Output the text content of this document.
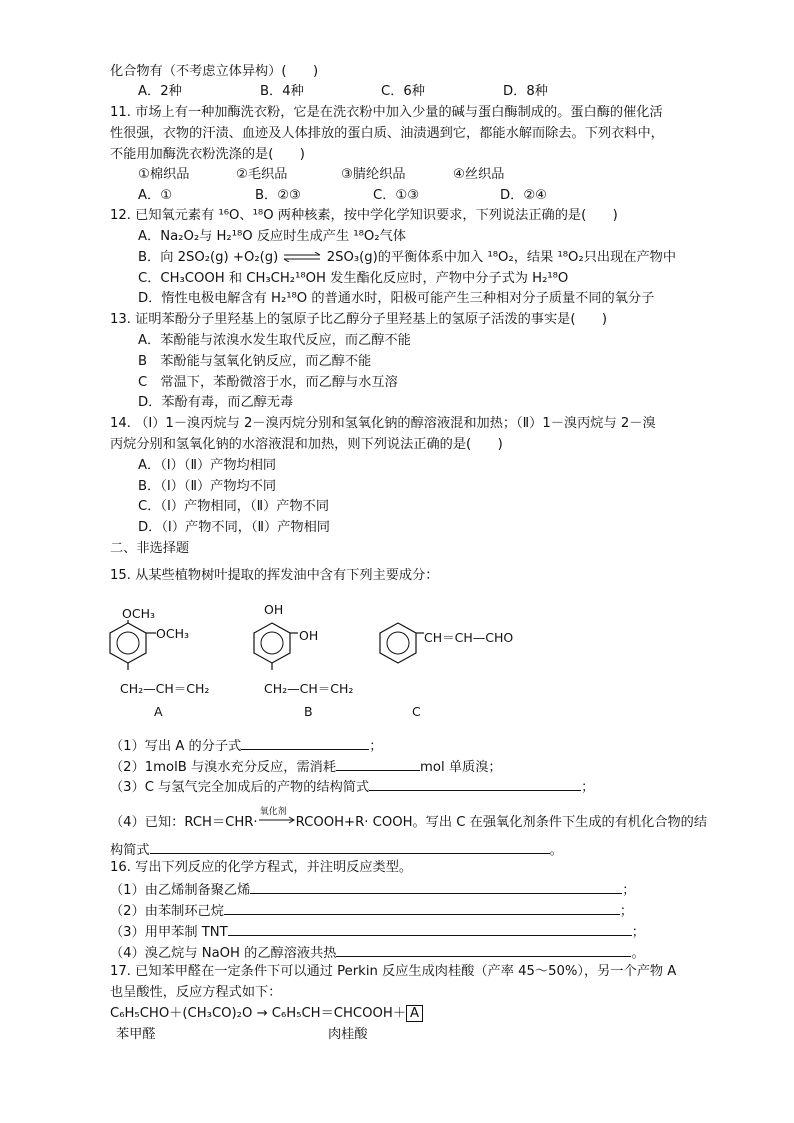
化合物有（不考虑立体异构）(　　)
A．2种	B．4种	C．6种	D．8种
11. 市场上有一种加酶洗衣粉，它是在洗衣粉中加入少量的碱与蛋白酶制成的。蛋白酶的催化活
性很强，衣物的汗渍、血迹及人体排放的蛋白质、油渍遇到它，都能水解而除去。下列衣料中，
不能用加酶洗衣粉洗涤的是(　　)
①棉织品	②毛织品	③腈纶织品	④丝织品
A．①	B．②③	C．①③	D．②④
12. 已知氧元素有 ¹⁶O、¹⁸O 两种核素，按中学化学知识要求，下列说法正确的是(　　)
A．Na₂O₂与 H₂¹⁸O 反应时生成产生 ¹⁸O₂气体
B．向 2SO₂(g) +O₂(g) ⇌ 2SO₃(g)的平衡体系中加入 ¹⁸O₂，结果 ¹⁸O₂只出现在产物中
C．CH₃COOH 和 CH₃CH₂¹⁸OH 发生酯化反应时，产物中分子式为 H₂¹⁸O
D．惰性电极电解含有 H₂¹⁸O 的普通水时，阳极可能产生三种相对分子质量不同的氧分子
13. 证明苯酚分子里羟基上的氢原子比乙醇分子里羟基上的氢原子活泼的事实是(　　)
A．苯酚能与浓溴水发生取代反应，而乙醇不能
B　苯酚能与氢氧化钠反应，而乙醇不能
C　常温下，苯酚微溶于水，而乙醇与水互溶
D．苯酚有毒，而乙醇无毒
14. （Ⅰ）1－溴丙烷与 2－溴丙烷分别和氢氧化钠的醇溶液混和加热；（Ⅱ）1－溴丙烷与 2－溴
丙烷分别和氢氧化钠的水溶液混和加热，则下列说法正确的是(　　)
A．（Ⅰ）（Ⅱ）产物均相同
B．（Ⅰ）（Ⅱ）产物均不同
C．（Ⅰ）产物相同，（Ⅱ）产物不同
D．（Ⅰ）产物不同，（Ⅱ）产物相同
二、非选择题
15. 从某些植物树叶提取的挥发油中含有下列主要成分：
OCH₃
OCH₃
CH₂—CH＝CH₂
A
OH
OH
CH₂—CH＝CH₂
B
CH＝CH—CHO
C
（1）写出 A 的分子式	；
（2）1molB 与溴水充分反应，需消耗	mol 单质溴；
（3）C 与氢气完全加成后的产物的结构简式	；
（4）已知：RCH＝CHR·
氧化剂
RCOOH+R· COOH。写出 C 在强氧化剂条件下生成的有机化合物的结
构简式	。
16. 写出下列反应的化学方程式，并注明反应类型。
（1）由乙烯制备聚乙烯	；
（2）由苯制环己烷	；
（3）用甲苯制 TNT	；
（4）溴乙烷与 NaOH 的乙醇溶液共热	。
17. 已知苯甲醛在一定条件下可以通过 Perkin 反应生成肉桂酸（产率 45～50%），另一个产物 A
也呈酸性，反应方程式如下：
C₆H₅CHO＋(CH₃CO)₂O → C₆H₅CH＝CHCOOH＋ A
苯甲醛	肉桂酸
